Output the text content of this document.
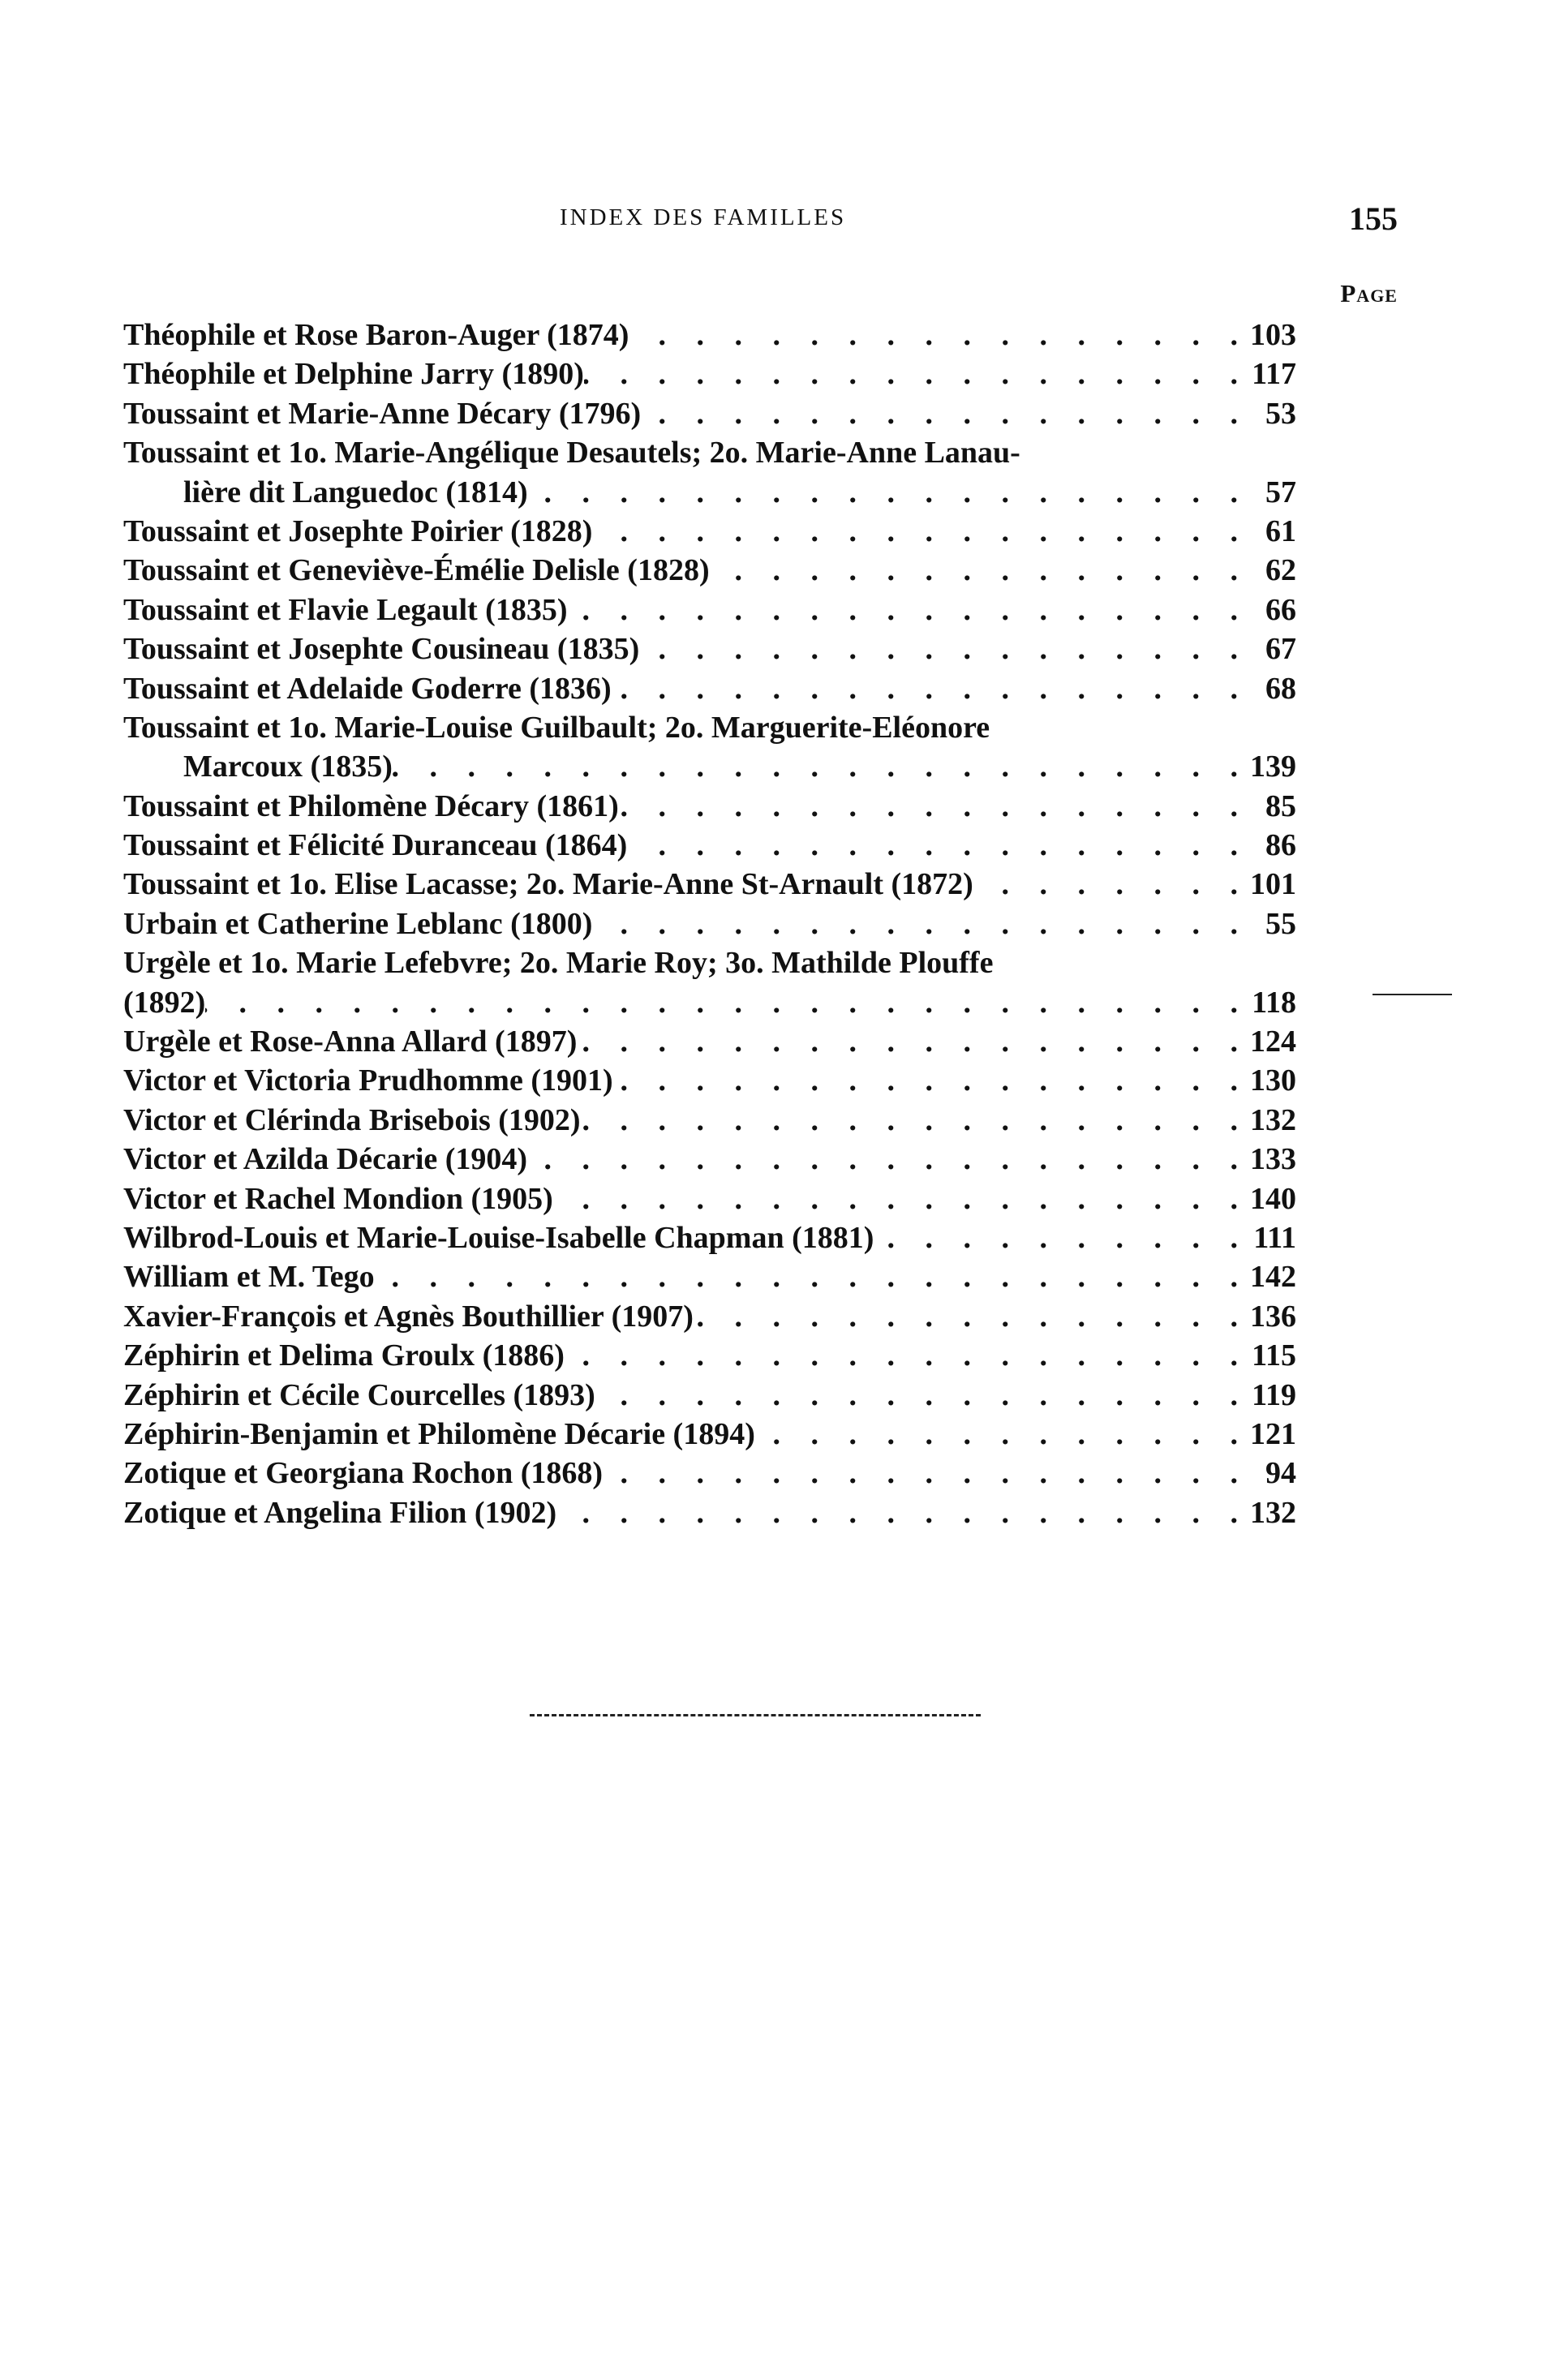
INDEX DES FAMILLES	155
Page
Théophile et Rose Baron-Auger (1874) . . .	103
Théophile et Delphine Jarry (1890) . . .	117
Toussaint et Marie-Anne Décary (1796) . . .	53
Toussaint et 1o. Marie-Angélique Desautels; 2o. Marie-Anne Lanau-
lière dit Languedoc (1814) . . .	57
Toussaint et Josephte Poirier (1828) . . .	61
Toussaint et Geneviève-Émélie Delisle (1828) . . .	62
Toussaint et Flavie Legault (1835) . . .	66
Toussaint et Josephte Cousineau (1835) . . .	67
Toussaint et Adelaide Goderre (1836) . . .	68
Toussaint et 1o. Marie-Louise Guilbault; 2o. Marguerite-Eléonore
Marcoux (1835) . . .	139
Toussaint et Philomène Décary (1861) . . .	85
Toussaint et Félicité Duranceau (1864) . . .	86
Toussaint et 1o. Elise Lacasse; 2o. Marie-Anne St-Arnault (1872) . . .	101
Urbain et Catherine Leblanc (1800) . . .	55
Urgèle et 1o. Marie Lefebvre; 2o. Marie Roy; 3o. Mathilde Plouffe
(1892) . . .	118
Urgèle et Rose-Anna Allard (1897) . . .	124
Victor et Victoria Prudhomme (1901) . . .	130
Victor et Clérinda Brisebois (1902) . . .	132
Victor et Azilda Décarie (1904) . . .	133
Victor et Rachel Mondion (1905) . . .	140
Wilbrod-Louis et Marie-Louise-Isabelle Chapman (1881) . . .	111
William et M. Tego . . .	142
Xavier-François et Agnès Bouthillier (1907) . . .	136
Zéphirin et Delima Groulx (1886) . . .	115
Zéphirin et Cécile Courcelles (1893) . . .	119
Zéphirin-Benjamin et Philomène Décarie (1894) . . .	121
Zotique et Georgiana Rochon (1868) . . .	94
Zotique et Angelina Filion (1902) . . .	132
